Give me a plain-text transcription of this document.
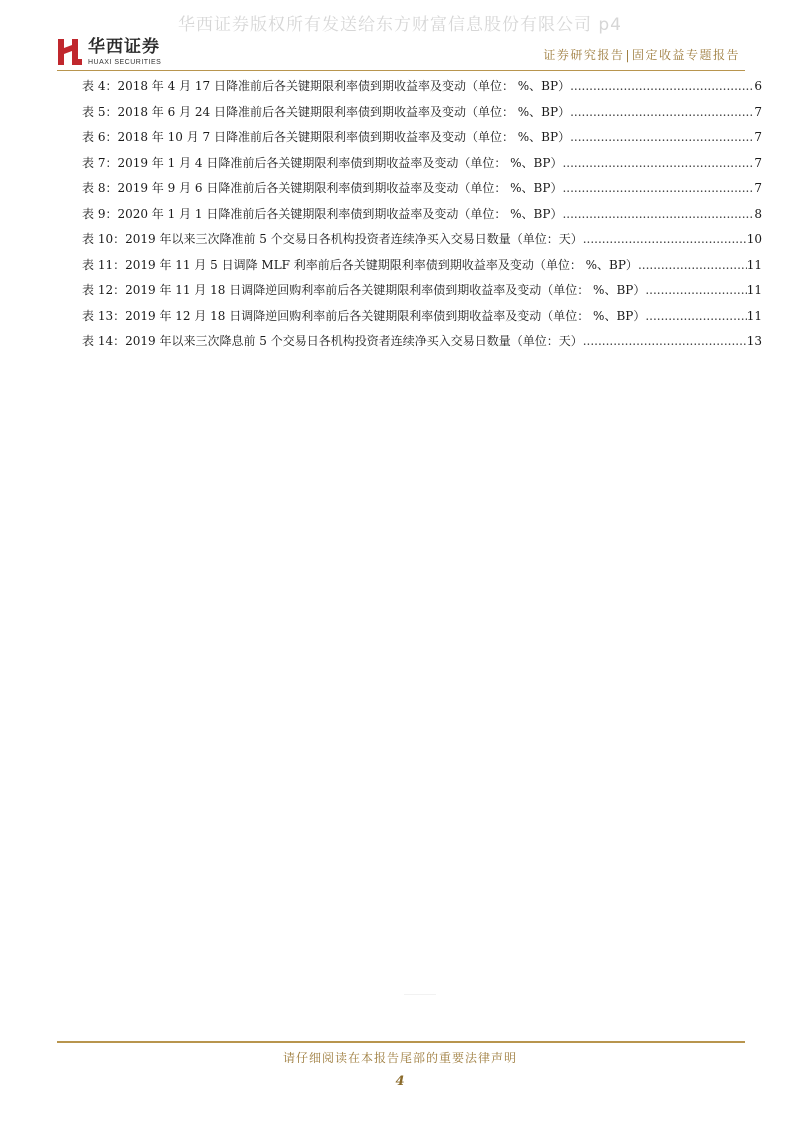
华西证券版权所有发送给东方财富信息股份有限公司 p4
华西证券
HUAXI SECURITIES	证券研究报告|固定收益专题报告
表 4：2018 年 4 月 17 日降准前后各关键期限利率债到期收益率及变动（单位： %、BP） .....	6
表 5：2018 年 6 月 24 日降准前后各关键期限利率债到期收益率及变动（单位： %、BP） .....	7
表 6：2018 年 10 月 7 日降准前后各关键期限利率债到期收益率及变动（单位： %、BP） .....	7
表 7：2019 年 1 月 4 日降准前后各关键期限利率债到期收益率及变动（单位： %、BP） .....	7
表 8：2019 年 9 月 6 日降准前后各关键期限利率债到期收益率及变动（单位： %、BP） .....	7
表 9：2020 年 1 月 1 日降准前后各关键期限利率债到期收益率及变动（单位： %、BP） .....	8
表 10：2019 年以来三次降准前 5 个交易日各机构投资者连续净买入交易日数量（单位：天） .....	10
表 11：2019 年 11 月 5 日调降 MLF 利率前后各关键期限利率债到期收益率及变动（单位： %、BP） .....	11
表 12：2019 年 11 月 18 日调降逆回购利率前后各关键期限利率债到期收益率及变动（单位： %、BP） .....	11
表 13：2019 年 12 月 18 日调降逆回购利率前后各关键期限利率债到期收益率及变动（单位： %、BP） .....	11
表 14：2019 年以来三次降息前 5 个交易日各机构投资者连续净买入交易日数量（单位：天） .....	13
请仔细阅读在本报告尾部的重要法律声明
4
